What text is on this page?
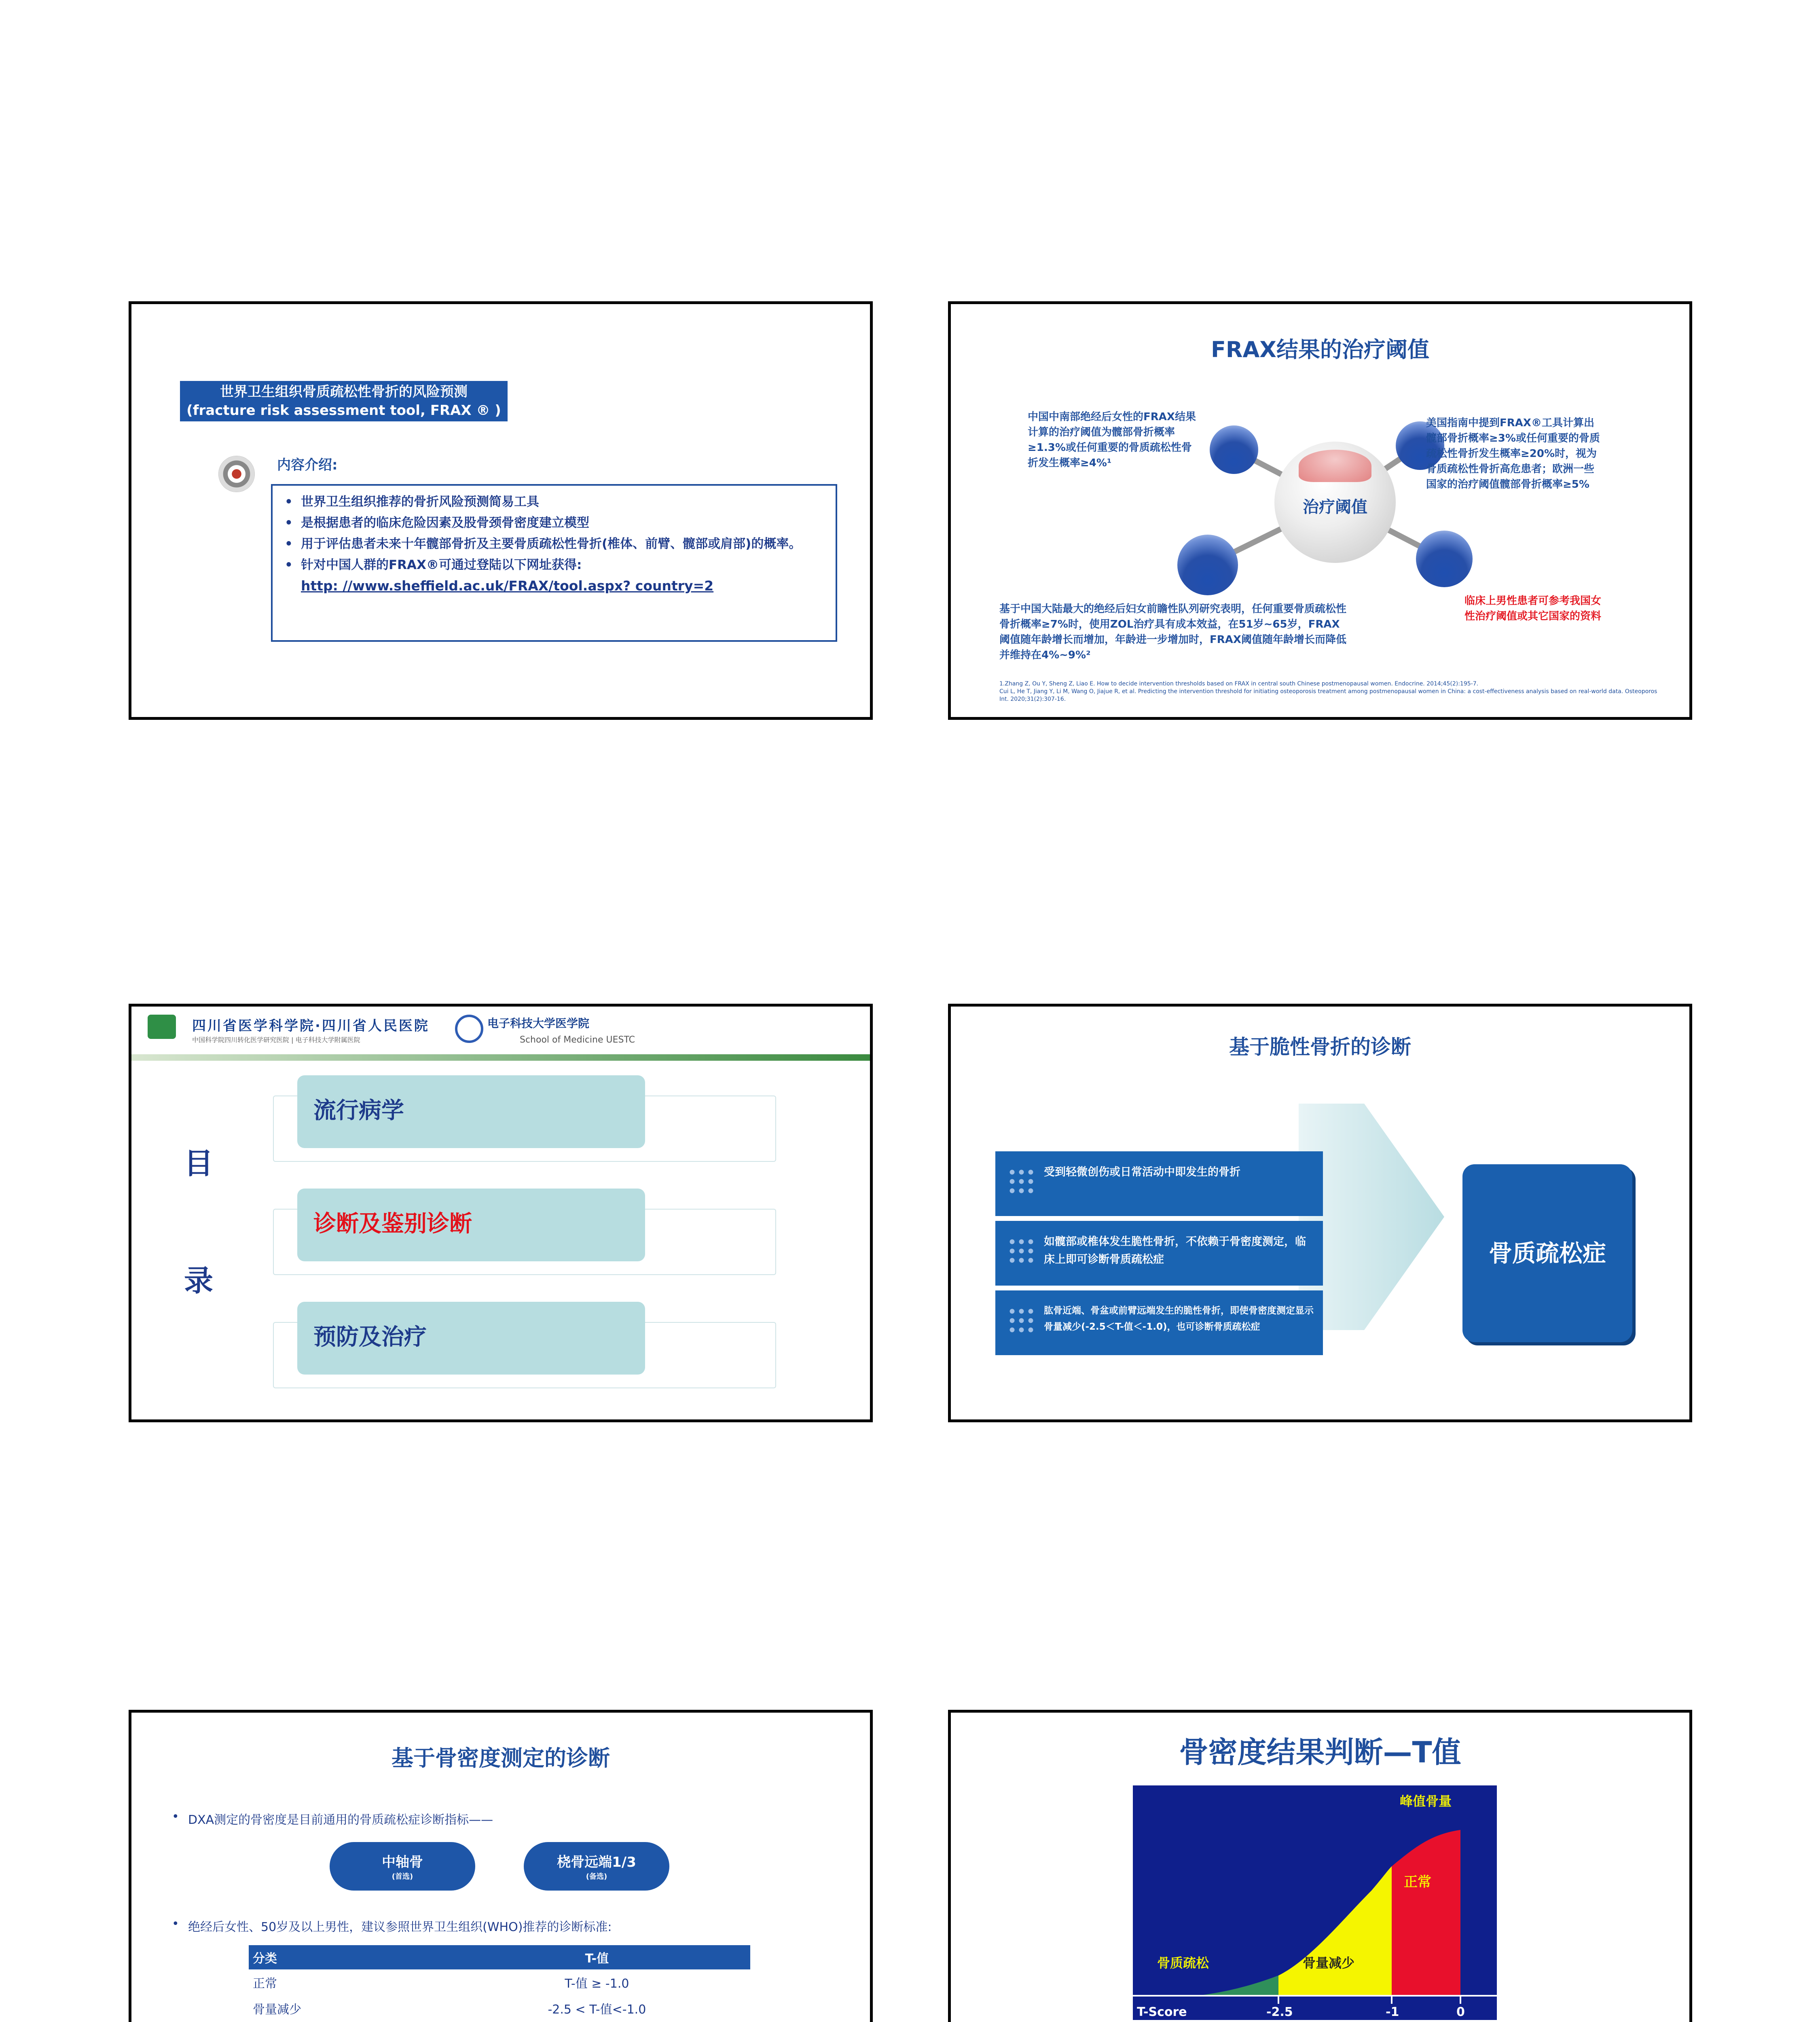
世界卫生组织骨质疏松性骨折的风险预测
(fracture risk assessment tool, FRAX ® )
内容介绍:
• 世界卫生组织推荐的骨折风险预测简易工具
• 是根据患者的临床危险因素及股骨颈骨密度建立模型
• 用于评估患者未来十年髋部骨折及主要骨质疏松性骨折(椎体、前臂、髋部或肩部)的概率。
• 针对中国人群的FRAX®可通过登陆以下网址获得:
http: //www.sheffield.ac.uk/FRAX/tool.aspx? country=2
FRAX结果的治疗阈值
治疗阈值
中国中南部绝经后女性的FRAX结果计算的治疗阈值为髋部骨折概率≥1.3%或任何重要的骨质疏松性骨折发生概率≥4%¹
美国指南中提到FRAX®工具计算出髋部骨折概率≥3%或任何重要的骨质疏松性骨折发生概率≥20%时，视为骨质疏松性骨折高危患者；欧洲一些国家的治疗阈值髋部骨折概率≥5%
基于中国大陆最大的绝经后妇女前瞻性队列研究表明，任何重要骨质疏松性骨折概率≥7%时，使用ZOL治疗具有成本效益，在51岁~65岁，FRAX阈值随年龄增长而增加，年龄进一步增加时，FRAX阈值随年龄增长而降低并维持在4%~9%²
临床上男性患者可参考我国女性治疗阈值或其它国家的资料
1.Zhang Z, Ou Y, Sheng Z, Liao E. How to decide intervention thresholds based on FRAX in central south Chinese postmenopausal women. Endocrine. 2014;45(2):195-7.
Cui L, He T, Jiang Y, Li M, Wang O, Jiajue R, et al. Predicting the intervention threshold for initiating osteoporosis treatment among postmenopausal women in China: a cost-effectiveness analysis based on real-world data. Osteoporos Int. 2020;31(2):307-16.
四川省医学科学院·四川省人民医院
中国科学院四川转化医学研究医院 | 电子科技大学附属医院
电子科技大学医学院
School of Medicine UESTC
目
录
流行病学
诊断及鉴别诊断
预防及治疗
基于脆性骨折的诊断
受到轻微创伤或日常活动中即发生的骨折
如髋部或椎体发生脆性骨折，不依赖于骨密度测定，临床上即可诊断骨质疏松症
肱骨近端、骨盆或前臂远端发生的脆性骨折，即使骨密度测定显示骨量减少(-2.5＜T-值＜-1.0)，也可诊断骨质疏松症
骨质疏松症
基于骨密度测定的诊断
• DXA测定的骨密度是目前通用的骨质疏松症诊断指标——
中轴骨
(首选)
桡骨远端1/3
(备选)
• 绝经后女性、50岁及以上男性，建议参照世界卫生组织(WHO)推荐的诊断标准:
分类	T-值
正常	T-值 ≥ -1.0
骨量减少	-2.5 < T-值<-1.0

骨密度结果判断—T值
峰值骨量
正常
骨量减少
骨质疏松
T-Score	-2.5	-1	0
